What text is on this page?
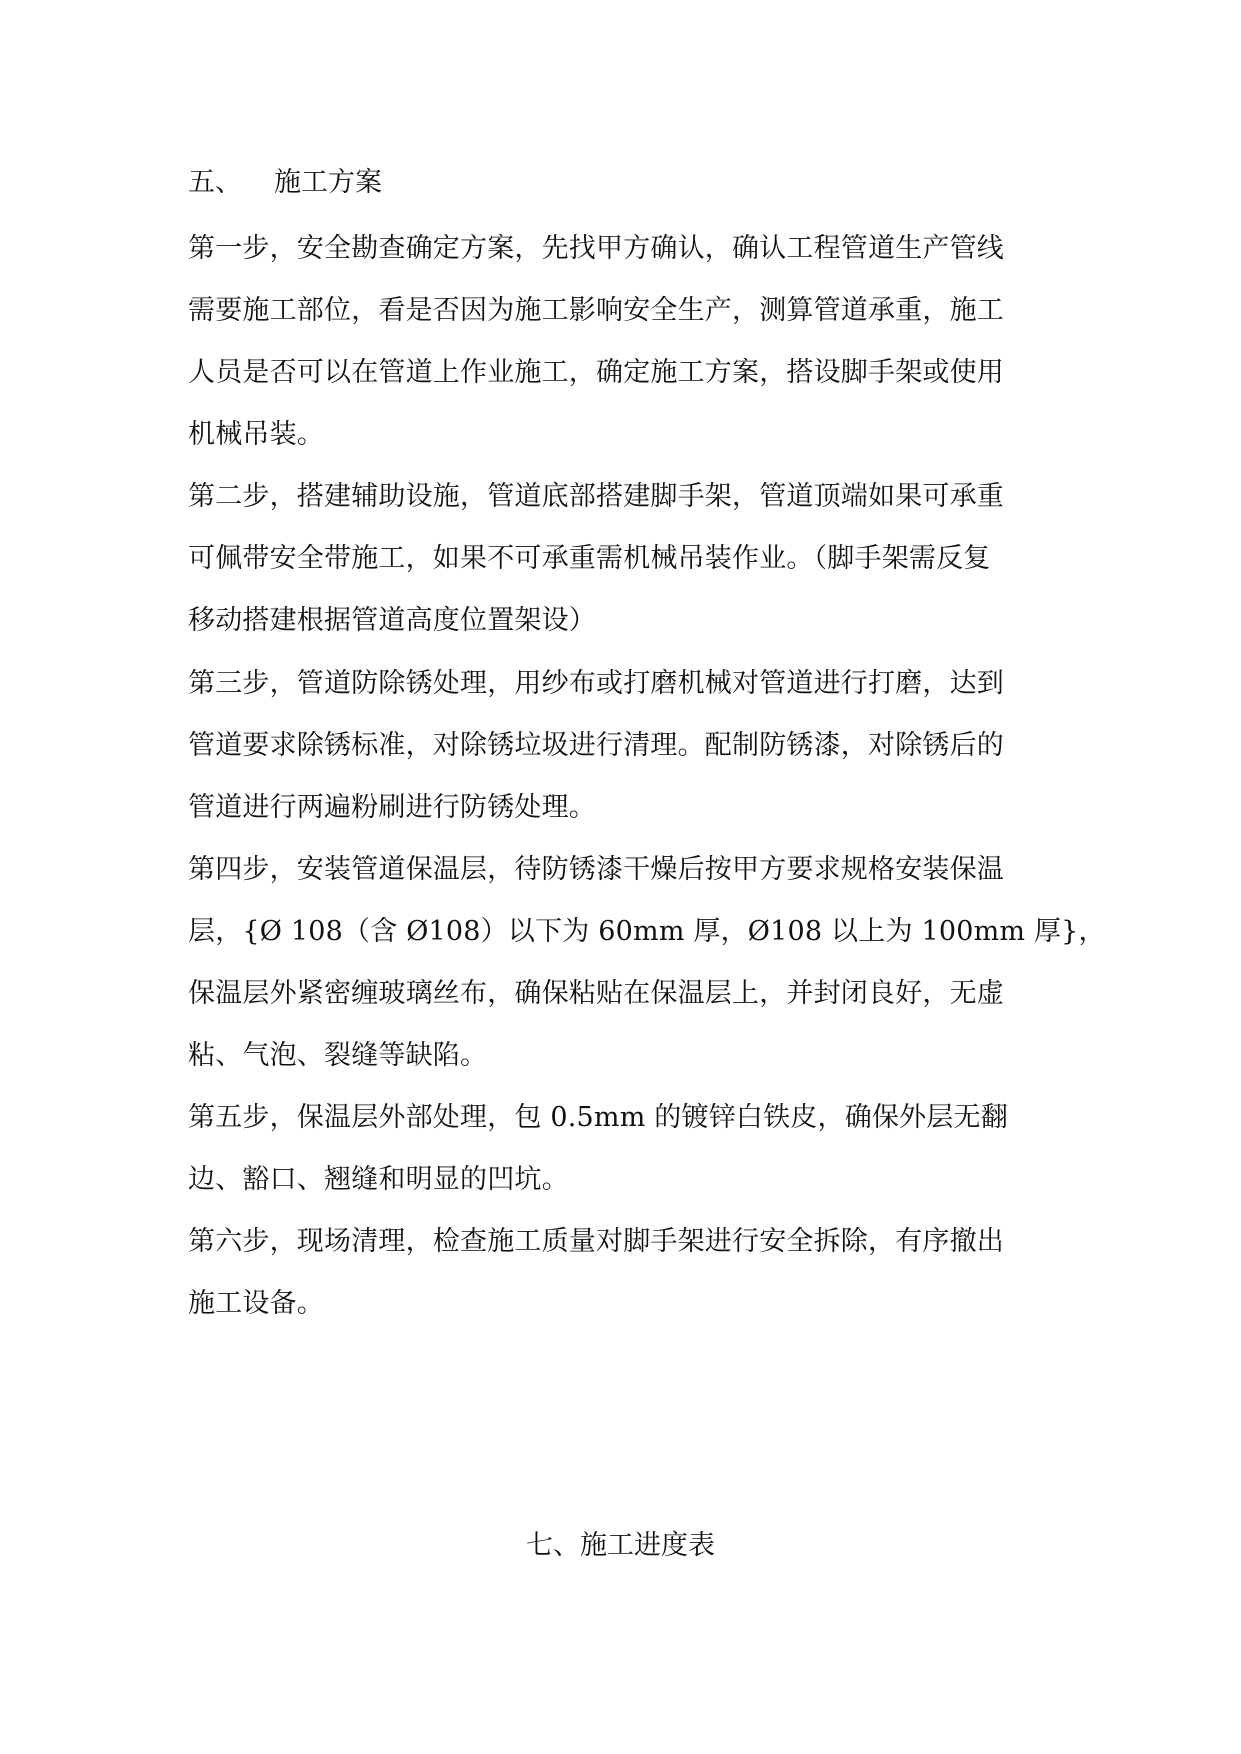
五、 施工方案
第一步，安全勘查确定方案，先找甲方确认，确认工程管道生产管线
需要施工部位，看是否因为施工影响安全生产，测算管道承重，施工
人员是否可以在管道上作业施工，确定施工方案，搭设脚手架或使用
机械吊装。
第二步，搭建辅助设施，管道底部搭建脚手架，管道顶端如果可承重
可佩带安全带施工，如果不可承重需机械吊装作业。（脚手架需反复
移动搭建根据管道高度位置架设）
第三步，管道防除锈处理，用纱布或打磨机械对管道进行打磨，达到
管道要求除锈标准，对除锈垃圾进行清理。配制防锈漆，对除锈后的
管道进行两遍粉刷进行防锈处理。
第四步，安装管道保温层，待防锈漆干燥后按甲方要求规格安装保温
层，{Ø 108（含 Ø108）以下为 60mm 厚，Ø108 以上为 100mm 厚}，
保温层外紧密缠玻璃丝布，确保粘贴在保温层上，并封闭良好，无虚
粘、气泡、裂缝等缺陷。
第五步，保温层外部处理，包 0.5mm 的镀锌白铁皮，确保外层无翻
边、豁口、翘缝和明显的凹坑。
第六步，现场清理，检查施工质量对脚手架进行安全拆除，有序撤出
施工设备。
七、施工进度表
